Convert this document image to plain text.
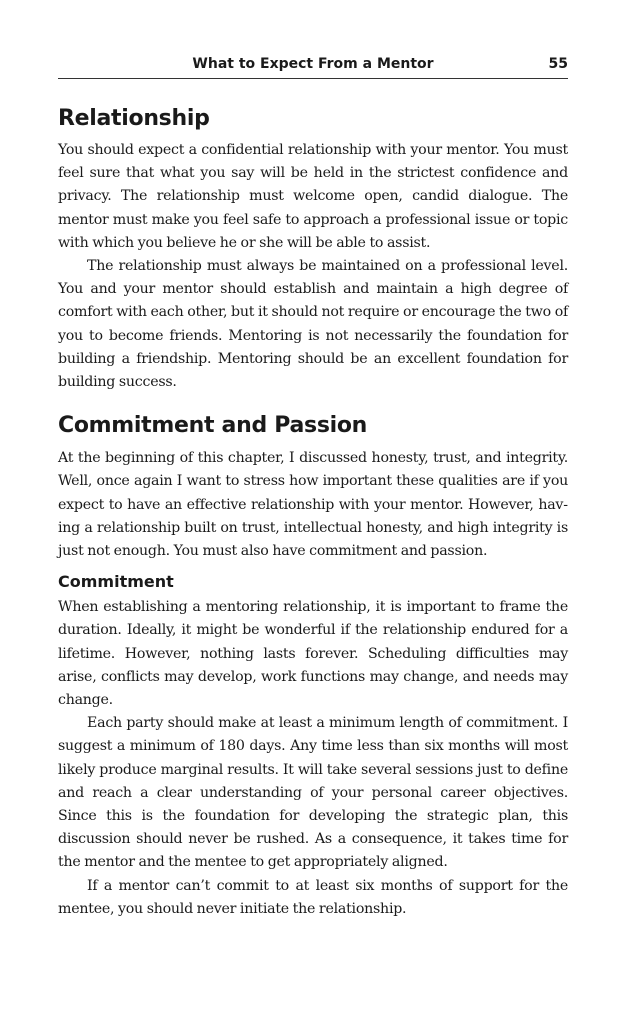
What to Expect From a Mentor	55
Relationship

You should expect a confidential relationship with your mentor. You must feel sure that what you say will be held in the strictest confidence and privacy. The relationship must welcome open, candid dialogue. The mentor must make you feel safe to approach a professional issue or topic with which you believe he or she will be able to assist.

The relationship must always be maintained on a professional level. You and your mentor should establish and maintain a high degree of comfort with each other, but it should not require or encourage the two of you to become friends. Mentoring is not necessarily the foundation for building a friendship. Mentoring should be an excellent foundation for building success.

Commitment and Passion

At the beginning of this chapter, I discussed honesty, trust, and integrity. Well, once again I want to stress how important these qualities are if you expect to have an effective relationship with your mentor. However, having a relationship built on trust, intellectual honesty, and high integrity is just not enough. You must also have commitment and passion.

Commitment

When establishing a mentoring relationship, it is important to frame the duration. Ideally, it might be wonderful if the relationship endured for a lifetime. However, nothing lasts forever. Scheduling difficulties may arise, conflicts may develop, work functions may change, and needs may change.

Each party should make at least a minimum length of commitment. I suggest a minimum of 180 days. Any time less than six months will most likely produce marginal results. It will take several sessions just to define and reach a clear understanding of your personal career objectives. Since this is the foundation for developing the strategic plan, this discussion should never be rushed. As a consequence, it takes time for the mentor and the mentee to get appropriately aligned.

If a mentor can’t commit to at least six months of support for the mentee, you should never initiate the relationship.
